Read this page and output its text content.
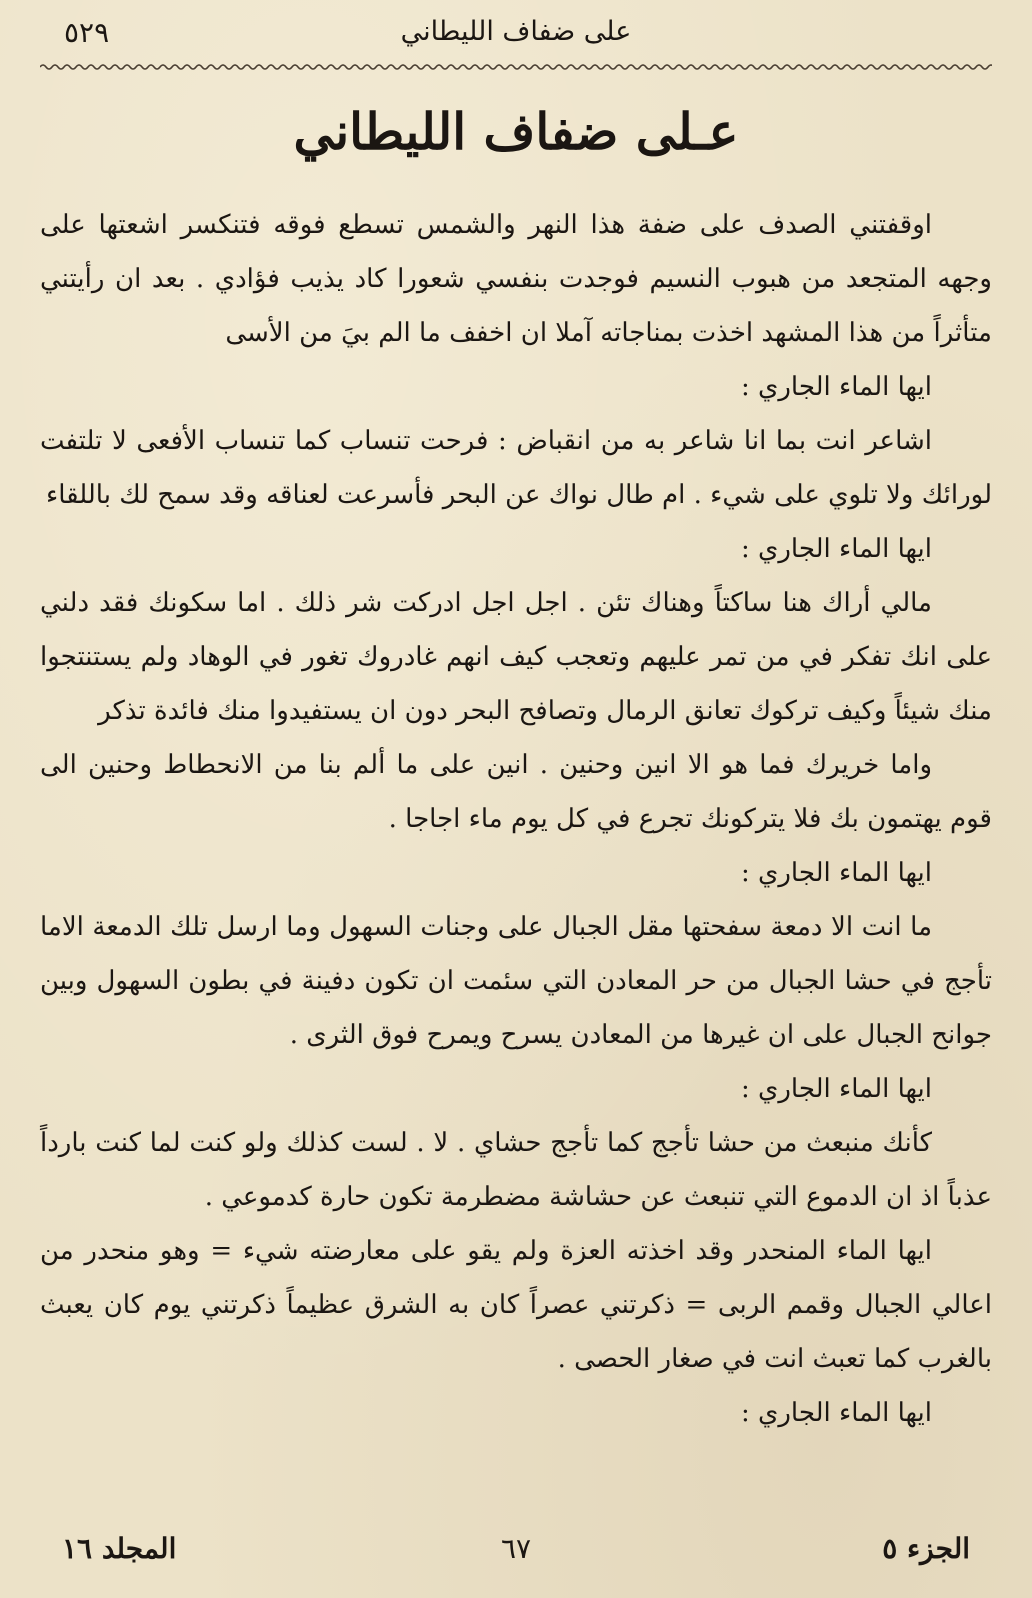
على ضفاف الليطاني
٥٢٩
عـلى ضفاف الليطاني

اوقفتني الصدف على ضفة هذا النهر والشمس تسطع فوقه فتنكسر اشعتها على وجهه المتجعد من هبوب النسيم فوجدت بنفسي شعورا كاد يذيب فؤادي . بعد ان رأيتني متأثراً من هذا المشهد اخذت بمناجاته آملا ان اخفف ما الم بيَ من الأسى

ايها الماء الجاري :

اشاعر انت بما انا شاعر به من انقباض : فرحت تنساب كما تنساب الأفعى لا تلتفت لورائك ولا تلوي على شيء . ام طال نواك عن البحر فأسرعت لعناقه وقد سمح لك باللقاء

ايها الماء الجاري :

مالي أراك هنا ساكتاً وهناك تئن . اجل اجل ادركت شر ذلك . اما سكونك فقد دلني على انك تفكر في من تمر عليهم وتعجب كيف انهم غادروك تغور في الوهاد ولم يستنتجوا منك شيئاً وكيف تركوك تعانق الرمال وتصافح البحر دون ان يستفيدوا منك فائدة تذكر

واما خريرك فما هو الا انين وحنين . انين على ما ألم بنا من الانحطاط وحنين الى قوم يهتمون بك فلا يتركونك تجرع في كل يوم ماء اجاجا .

ايها الماء الجاري :

ما انت الا دمعة سفحتها مقل الجبال على وجنات السهول وما ارسل تلك الدمعة الاما تأجج في حشا الجبال من حر المعادن التي سئمت ان تكون دفينة في بطون السهول وبين جوانح الجبال على ان غيرها من المعادن يسرح ويمرح فوق الثرى .

ايها الماء الجاري :

كأنك منبعث من حشا تأجج كما تأجج حشاي . لا . لست كذلك ولو كنت لما كنت بارداً عذباً اذ ان الدموع التي تنبعث عن حشاشة مضطرمة تكون حارة كدموعي .

ايها الماء المنحدر وقد اخذته العزة ولم يقو على معارضته شيء = وهو منحدر من اعالي الجبال وقمم الربى = ذكرتني عصراً كان به الشرق عظيماً ذكرتني يوم كان يعبث بالغرب كما تعبث انت في صغار الحصى .

ايها الماء الجاري :

الجزء ٥
٦٧
المجلد ١٦
